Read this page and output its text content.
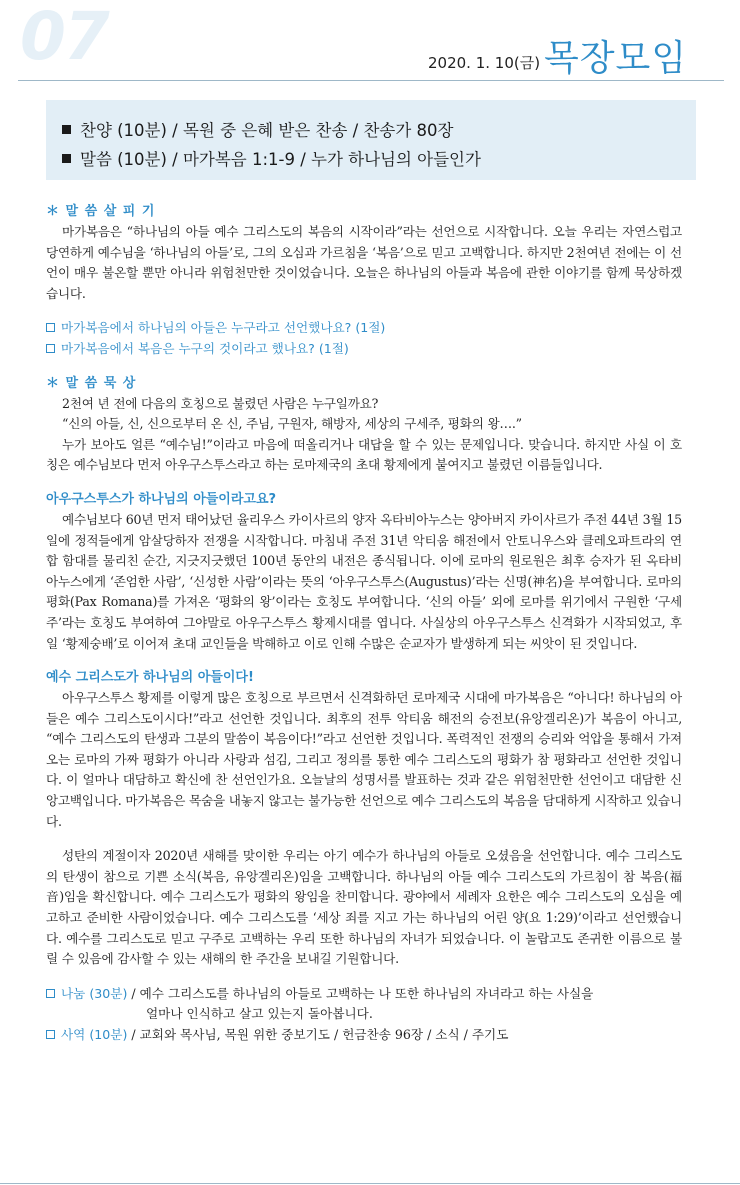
07	2020. 1. 10(금) 목장모임
찬양 (10분) / 목원 중 은혜 받은 찬송 / 찬송가 80장
말씀 (10분) / 마가복음 1:1-9 / 누가 하나님의 아들인가
＊ 말 씀 살 피 기

마가복음은 “하나님의 아들 예수 그리스도의 복음의 시작이라”라는 선언으로 시작합니다. 오늘 우리는 자연스럽고 당연하게 예수님을 ‘하나님의 아들’로, 그의 오심과 가르침을 ‘복음’으로 믿고 고백합니다. 하지만 2천여년 전에는 이 선언이 매우 불온할 뿐만 아니라 위험천만한 것이었습니다. 오늘은 하나님의 아들과 복음에 관한 이야기를 함께 묵상하겠습니다.

마가복음에서 하나님의 아들은 누구라고 선언했나요? (1절)
마가복음에서 복음은 누구의 것이라고 했나요? (1절)
＊ 말 씀 묵 상

2천여 년 전에 다음의 호칭으로 불렸던 사람은 누구일까요?

“신의 아들, 신, 신으로부터 온 신, 주님, 구원자, 해방자, 세상의 구세주, 평화의 왕….”

누가 보아도 얼른 “예수님!”이라고 마음에 떠올리거나 대답을 할 수 있는 문제입니다. 맞습니다. 하지만 사실 이 호칭은 예수님보다 먼저 아우구스투스라고 하는 로마제국의 초대 황제에게 붙여지고 불렸던 이름들입니다.

아우구스투스가 하나님의 아들이라고요?

예수님보다 60년 먼저 태어났던 율리우스 카이사르의 양자 옥타비아누스는 양아버지 카이사르가 주전 44년 3월 15일에 정적들에게 암살당하자 전쟁을 시작합니다. 마침내 주전 31년 악티움 해전에서 안토니우스와 클레오파트라의 연합 함대를 물리친 순간, 지긋지긋했던 100년 동안의 내전은 종식됩니다. 이에 로마의 원로원은 최후 승자가 된 옥타비아누스에게 ‘존엄한 사람’, ‘신성한 사람’이라는 뜻의 ‘아우구스투스(Augustus)’라는 신명(神名)을 부여합니다. 로마의 평화(Pax Romana)를 가져온 ‘평화의 왕’이라는 호칭도 부여합니다. ‘신의 아들’ 외에 로마를 위기에서 구원한 ‘구세주’라는 호칭도 부여하여 그야말로 아우구스투스 황제시대를 엽니다. 사실상의 아우구스투스 신격화가 시작되었고, 후일 ‘황제숭배’로 이어져 초대 교인들을 박해하고 이로 인해 수많은 순교자가 발생하게 되는 씨앗이 된 것입니다.

예수 그리스도가 하나님의 아들이다!

아우구스투스 황제를 이렇게 많은 호칭으로 부르면서 신격화하던 로마제국 시대에 마가복음은 “아니다! 하나님의 아들은 예수 그리스도이시다!”라고 선언한 것입니다. 최후의 전투 악티움 해전의 승전보(유앙겔리온)가 복음이 아니고, “예수 그리스도의 탄생과 그분의 말씀이 복음이다!”라고 선언한 것입니다. 폭력적인 전쟁의 승리와 억압을 통해서 가져오는 로마의 가짜 평화가 아니라 사랑과 섬김, 그리고 정의를 통한 예수 그리스도의 평화가 참 평화라고 선언한 것입니다. 이 얼마나 대담하고 확신에 찬 선언인가요. 오늘날의 성명서를 발표하는 것과 같은 위험천만한 선언이고 대담한 신앙고백입니다. 마가복음은 목숨을 내놓지 않고는 불가능한 선언으로 예수 그리스도의 복음을 담대하게 시작하고 있습니다.

성탄의 계절이자 2020년 새해를 맞이한 우리는 아기 예수가 하나님의 아들로 오셨음을 선언합니다. 예수 그리스도의 탄생이 참으로 기쁜 소식(복음, 유앙겔리온)임을 고백합니다. 하나님의 아들 예수 그리스도의 가르침이 참 복음(福音)임을 확신합니다. 예수 그리스도가 평화의 왕임을 찬미합니다. 광야에서 세례자 요한은 예수 그리스도의 오심을 예고하고 준비한 사람이었습니다. 예수 그리스도를 ‘세상 죄를 지고 가는 하나님의 어린 양(요 1:29)’이라고 선언했습니다. 예수를 그리스도로 믿고 구주로 고백하는 우리 또한 하나님의 자녀가 되었습니다. 이 놀랍고도 존귀한 이름으로 불릴 수 있음에 감사할 수 있는 새해의 한 주간을 보내길 기원합니다.

나눔 (30분) / 예수 그리스도를 하나님의 아들로 고백하는 나 또한 하나님의 자녀라고 하는 사실을
얼마나 인식하고 살고 있는지 돌아봅니다.
사역 (10분) / 교회와 목사님, 목원 위한 중보기도 / 헌금찬송 96장 / 소식 / 주기도
